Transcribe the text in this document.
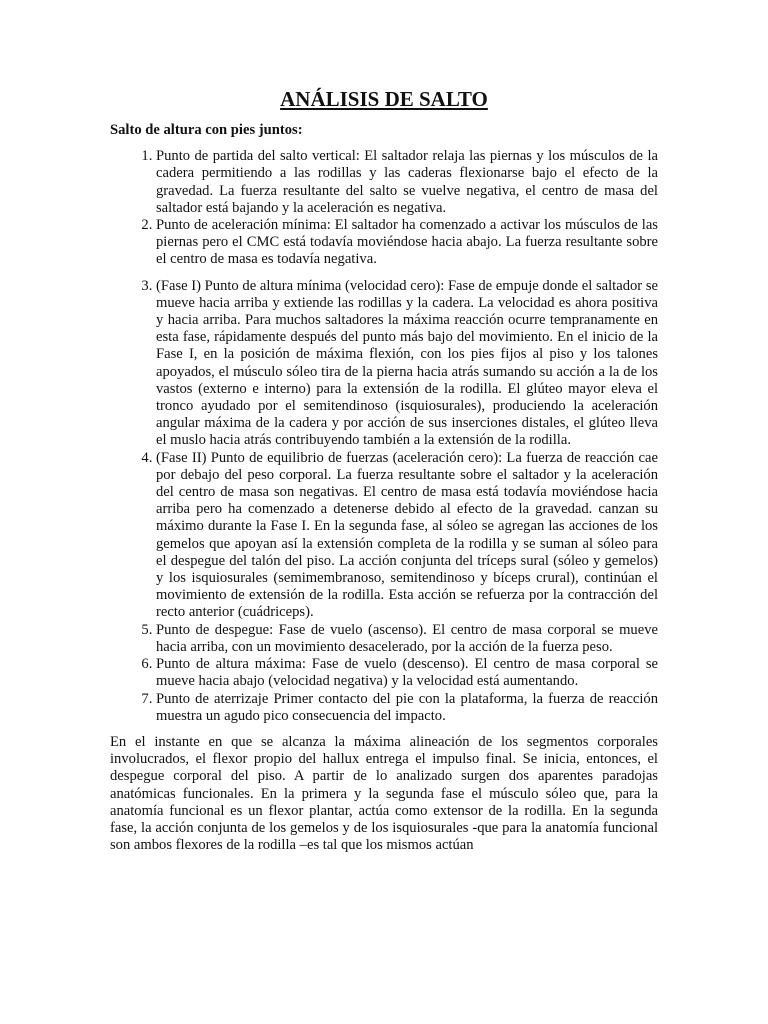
ANÁLISIS DE SALTO

Salto de altura con pies juntos:

1. Punto de partida del salto vertical: El saltador relaja las piernas y los músculos de la cadera permitiendo a las rodillas y las caderas flexionarse bajo el efecto de la gravedad. La fuerza resultante del salto se vuelve negativa, el centro de masa del saltador está bajando y la aceleración es negativa.
2. Punto de aceleración mínima: El saltador ha comenzado a activar los músculos de las piernas pero el CMC está todavía moviéndose hacia abajo. La fuerza resultante sobre el centro de masa es todavía negativa.
3. (Fase I) Punto de altura mínima (velocidad cero): Fase de empuje donde el saltador se mueve hacia arriba y extiende las rodillas y la cadera. La velocidad es ahora positiva y hacia arriba. Para muchos saltadores la máxima reacción ocurre tempranamente en esta fase, rápidamente después del punto más bajo del movimiento. En el inicio de la Fase I, en la posición de máxima flexión, con los pies fijos al piso y los talones apoyados, el músculo sóleo tira de la pierna hacia atrás sumando su acción a la de los vastos (externo e interno) para la extensión de la rodilla. El glúteo mayor eleva el tronco ayudado por el semitendinoso (isquiosurales), produciendo la aceleración angular máxima de la cadera y por acción de sus inserciones distales, el glúteo lleva el muslo hacia atrás contribuyendo también a la extensión de la rodilla.
4. (Fase II) Punto de equilibrio de fuerzas (aceleración cero): La fuerza de reacción cae por debajo del peso corporal. La fuerza resultante sobre el saltador y la aceleración del centro de masa son negativas. El centro de masa está todavía moviéndose hacia arriba pero ha comenzado a detenerse debido al efecto de la gravedad. canzan su máximo durante la Fase I. En la segunda fase, al sóleo se agregan las acciones de los gemelos que apoyan así la extensión completa de la rodilla y se suman al sóleo para el despegue del talón del piso. La acción conjunta del tríceps sural (sóleo y gemelos) y los isquiosurales (semimembranoso, semitendinoso y bíceps crural), continúan el movimiento de extensión de la rodilla. Esta acción se refuerza por la contracción del recto anterior (cuádriceps).
5. Punto de despegue: Fase de vuelo (ascenso). El centro de masa corporal se mueve hacia arriba, con un movimiento desacelerado, por la acción de la fuerza peso.
6. Punto de altura máxima: Fase de vuelo (descenso). El centro de masa corporal se mueve hacia abajo (velocidad negativa) y la velocidad está aumentando.
7. Punto de aterrizaje Primer contacto del pie con la plataforma, la fuerza de reacción muestra un agudo pico consecuencia del impacto.

En el instante en que se alcanza la máxima alineación de los segmentos corporales involucrados, el flexor propio del hallux entrega el impulso final. Se inicia, entonces, el despegue corporal del piso. A partir de lo analizado surgen dos aparentes paradojas anatómicas funcionales. En la primera y la segunda fase el músculo sóleo que, para la anatomía funcional es un flexor plantar, actúa como extensor de la rodilla. En la segunda fase, la acción conjunta de los gemelos y de los isquiosurales -que para la anatomía funcional son ambos flexores de la rodilla –es tal que los mismos actúan
